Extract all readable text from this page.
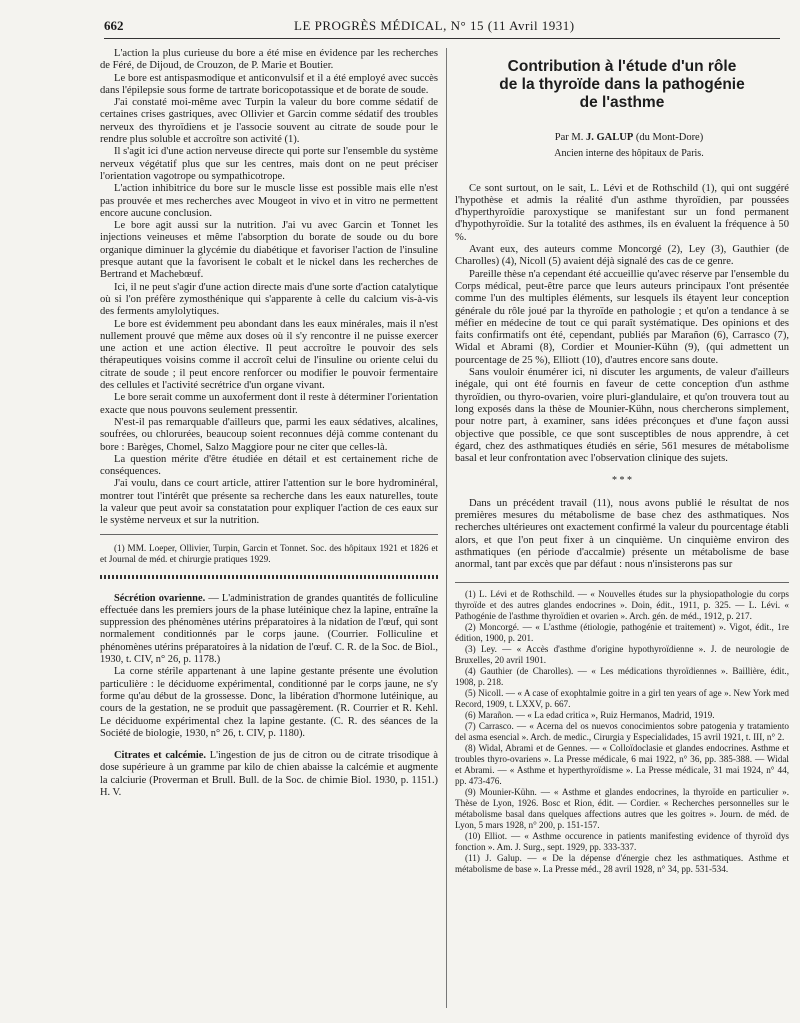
662	LE PROGRÈS MÉDICAL, N° 15 (11 Avril 1931)

L'action la plus curieuse du bore a été mise en évidence par les recherches de Féré, de Dijoud, de Crouzon, de P. Marie et Boutier.

Le bore est antispasmodique et anticonvulsif et il a été employé avec succès dans l'épilepsie sous forme de tartrate boricopotassique et de borate de soude.

J'ai constaté moi-même avec Turpin la valeur du bore comme sédatif de certaines crises gastriques, avec Ollivier et Garcin comme sédatif des troubles nerveux des thyroïdiens et je l'associe souvent au citrate de soude pour le rendre plus soluble et accroître son activité (1).

Il s'agit ici d'une action nerveuse directe qui porte sur l'ensemble du système nerveux végétatif plus que sur les centres, mais dont on ne peut préciser l'orientation vagotrope ou sympathicotrope.

L'action inhibitrice du bore sur le muscle lisse est possible mais elle n'est pas prouvée et mes recherches avec Mougeot in vivo et in vitro ne permettent encore aucune conclusion.

Le bore agit aussi sur la nutrition. J'ai vu avec Garcin et Tonnet les injections veineuses et même l'absorption du borate de soude ou du bore organique diminuer la glycémie du diabétique et favoriser l'action de l'insuline presque autant que la favorisent le cobalt et le nickel dans les recherches de Bertrand et Machebœuf.

Ici, il ne peut s'agir d'une action directe mais d'une sorte d'action catalytique où si l'on préfère zymosthénique qui s'apparente à celle du calcium vis-à-vis des ferments amylolytiques.

Le bore est évidemment peu abondant dans les eaux minérales, mais il n'est nullement prouvé que même aux doses où il s'y rencontre il ne puisse exercer une action et une action élective. Il peut accroître le pouvoir des sels thérapeutiques voisins comme il accroît celui de l'insuline ou oriente celui du citrate de soude ; il peut encore renforcer ou modifier le pouvoir fermentaire des cellules et l'activité secrétrice d'un organe vivant.

Le bore serait comme un auxoferment dont il reste à déterminer l'orientation exacte que nous pouvons seulement pressentir.

N'est-il pas remarquable d'ailleurs que, parmi les eaux sédatives, alcalines, soufrées, ou chlorurées, beaucoup soient reconnues déjà comme contenant du bore : Barèges, Chomel, Salzo Maggiore pour ne citer que celles-là.

La question mérite d'être étudiée en détail et est certainement riche de conséquences.

J'ai voulu, dans ce court article, attirer l'attention sur le bore hydrominéral, montrer tout l'intérêt que présente sa recherche dans les eaux naturelles, toute la valeur que peut avoir sa constatation pour expliquer l'action de ces eaux sur le système nerveux et sur la nutrition.

(1) MM. Loeper, Ollivier, Turpin, Garcin et Tonnet. Soc. des hôpitaux 1921 et 1826 et et Journal de méd. et chirurgie pratiques 1929.

Sécrétion ovarienne. — L'administration de grandes quantités de folliculine effectuée dans les premiers jours de la phase lutéinique chez la lapine, entraîne la suppression des phénomènes utérins préparatoires à la nidation de l'œuf, qui sont normalement conditionnés par le corps jaune. (Courrier. Folliculine et phénomènes utérins préparatoires à la nidation de l'œuf. C. R. de la Soc. de Biol., 1930, t. CIV, n° 26, p. 1178.)

La corne stérile appartenant à une lapine gestante présente une évolution particulière : le déciduome expérimental, conditionné par le corps jaune, ne s'y forme qu'au début de la grossesse. Donc, la libération d'hormone lutéinique, au cours de la gestation, ne se produit que passagèrement. (R. Courrier et R. Kehl. Le déciduome expérimental chez la lapine gestante. (C. R. des séances de la Société de biologie, 1930, n° 26, t. CIV, p. 1180).

Citrates et calcémie. L'ingestion de jus de citron ou de citrate trisodique à dose supérieure à un gramme par kilo de chien abaisse la calcémie et augmente la calciurie (Proverman et Brull. Bull. de la Soc. de chimie Biol. 1930, p. 1151.) H. V.

Contribution à l'étude d'un rôle
de la thyroïde dans la pathogénie
de l'asthme

Par M. J. GALUP (du Mont-Dore)

Ancien interne des hôpitaux de Paris.

Ce sont surtout, on le sait, L. Lévi et de Rothschild (1), qui ont suggéré l'hypothèse et admis la réalité d'un asthme thyroïdien, par poussées d'hyperthyroïdie paroxystique se manifestant sur un fond permanent d'hypothyroïdie. Sur la totalité des asthmes, ils en évaluent la fréquence à 50 %.

Avant eux, des auteurs comme Moncorgé (2), Ley (3), Gauthier (de Charolles) (4), Nicoll (5) avaient déjà signalé des cas de ce genre.

Pareille thèse n'a cependant été accueillie qu'avec réserve par l'ensemble du Corps médical, peut-être parce que leurs auteurs principaux l'ont présentée comme l'un des multiples éléments, sur lesquels ils étayent leur conception générale du rôle joué par la thyroïde en pathologie ; et qu'on a tendance à se méfier en médecine de tout ce qui paraît systématique. Des opinions et des faits confirmatifs ont été, cependant, publiés par Marañon (6), Carrasco (7), Widal et Abrami (8), Cordier et Mounier-Kühn (9), (qui admettent un pourcentage de 25 %), Elliott (10), d'autres encore sans doute.

Sans vouloir énumérer ici, ni discuter les arguments, de valeur d'ailleurs inégale, qui ont été fournis en faveur de cette conception d'un asthme thyroïdien, ou thyro-ovarien, voire pluri-glandulaire, et qu'on trouvera tout au long exposés dans la thèse de Mounier-Kühn, nous chercherons simplement, pour notre part, à examiner, sans idées préconçues et d'une façon aussi objective que possible, ce que sont susceptibles de nous apprendre, à cet égard, chez des asthmatiques étudiés en série, 561 mesures de métabolisme basal et leur confrontation avec l'observation clinique des sujets.

* * *

Dans un précédent travail (11), nous avons publié le résultat de nos premières mesures du métabolisme de base chez des asthmatiques. Nos recherches ultérieures ont exactement confirmé la valeur du pourcentage établi alors, et que l'on peut fixer à un cinquième. Un cinquième environ des asthmatiques (en période d'accalmie) présente un métabolisme de base anormal, tant par excès que par défaut : nous n'insisterons pas sur

(1) L. Lévi et de Rothschild. — « Nouvelles études sur la physiopathologie du corps thyroïde et des autres glandes endocrines ». Doin, édit., 1911, p. 325. — L. Lévi. « Pathogénie de l'asthme thyroïdien et ovarien ». Arch. gén. de méd., 1912, p. 217.

(2) Moncorgé. — « L'asthme (étiologie, pathogénie et traitement) ». Vigot, édit., 1re édition, 1900, p. 201.

(3) Ley. — « Accès d'asthme d'origine hypothyroïdienne ». J. de neurologie de Bruxelles, 20 avril 1901.

(4) Gauthier (de Charolles). — « Les médications thyroïdiennes ». Baillière, édit., 1908, p. 218.

(5) Nicoll. — « A case of exophtalmie goitre in a girl ten years of age ». New York med Record, 1909, t. LXXV, p. 667.

(6) Marañon. — « La edad critica », Ruiz Hermanos, Madrid, 1919.

(7) Carrasco. — « Acerna del os nuevos conocimientos sobre patogenia y tratamiento del asma esencial ». Arch. de medic., Cirurgia y Especialidades, 15 avril 1921, t. III, n° 2.

(8) Widal, Abrami et de Gennes. — « Colloïdoclasie et glandes endocrines. Asthme et troubles thyro-ovariens ». La Presse médicale, 6 mai 1922, n° 36, pp. 385-388. — Widal et Abrami. — « Asthme et hyperthyroïdisme ». La Presse médicale, 31 mai 1924, n° 44, pp. 473-476.

(9) Mounier-Kühn. — « Asthme et glandes endocrines, la thyroïde en particulier ». Thèse de Lyon, 1926. Bosc et Rion, édit. — Cordier. « Recherches personnelles sur le métabolisme basal dans quelques affections autres que les goitres ». Journ. de méd. de Lyon, 5 mars 1928, n° 200, p. 151-157.

(10) Elliot. — « Asthme occurence in patients manifesting evidence of thyroïd dys fonction ». Am. J. Surg., sept. 1929, pp. 333-337.

(11) J. Galup. — « De la dépense d'énergie chez les asthmatiques. Asthme et métabolisme de base ». La Presse méd., 28 avril 1928, n° 34, pp. 531-534.
